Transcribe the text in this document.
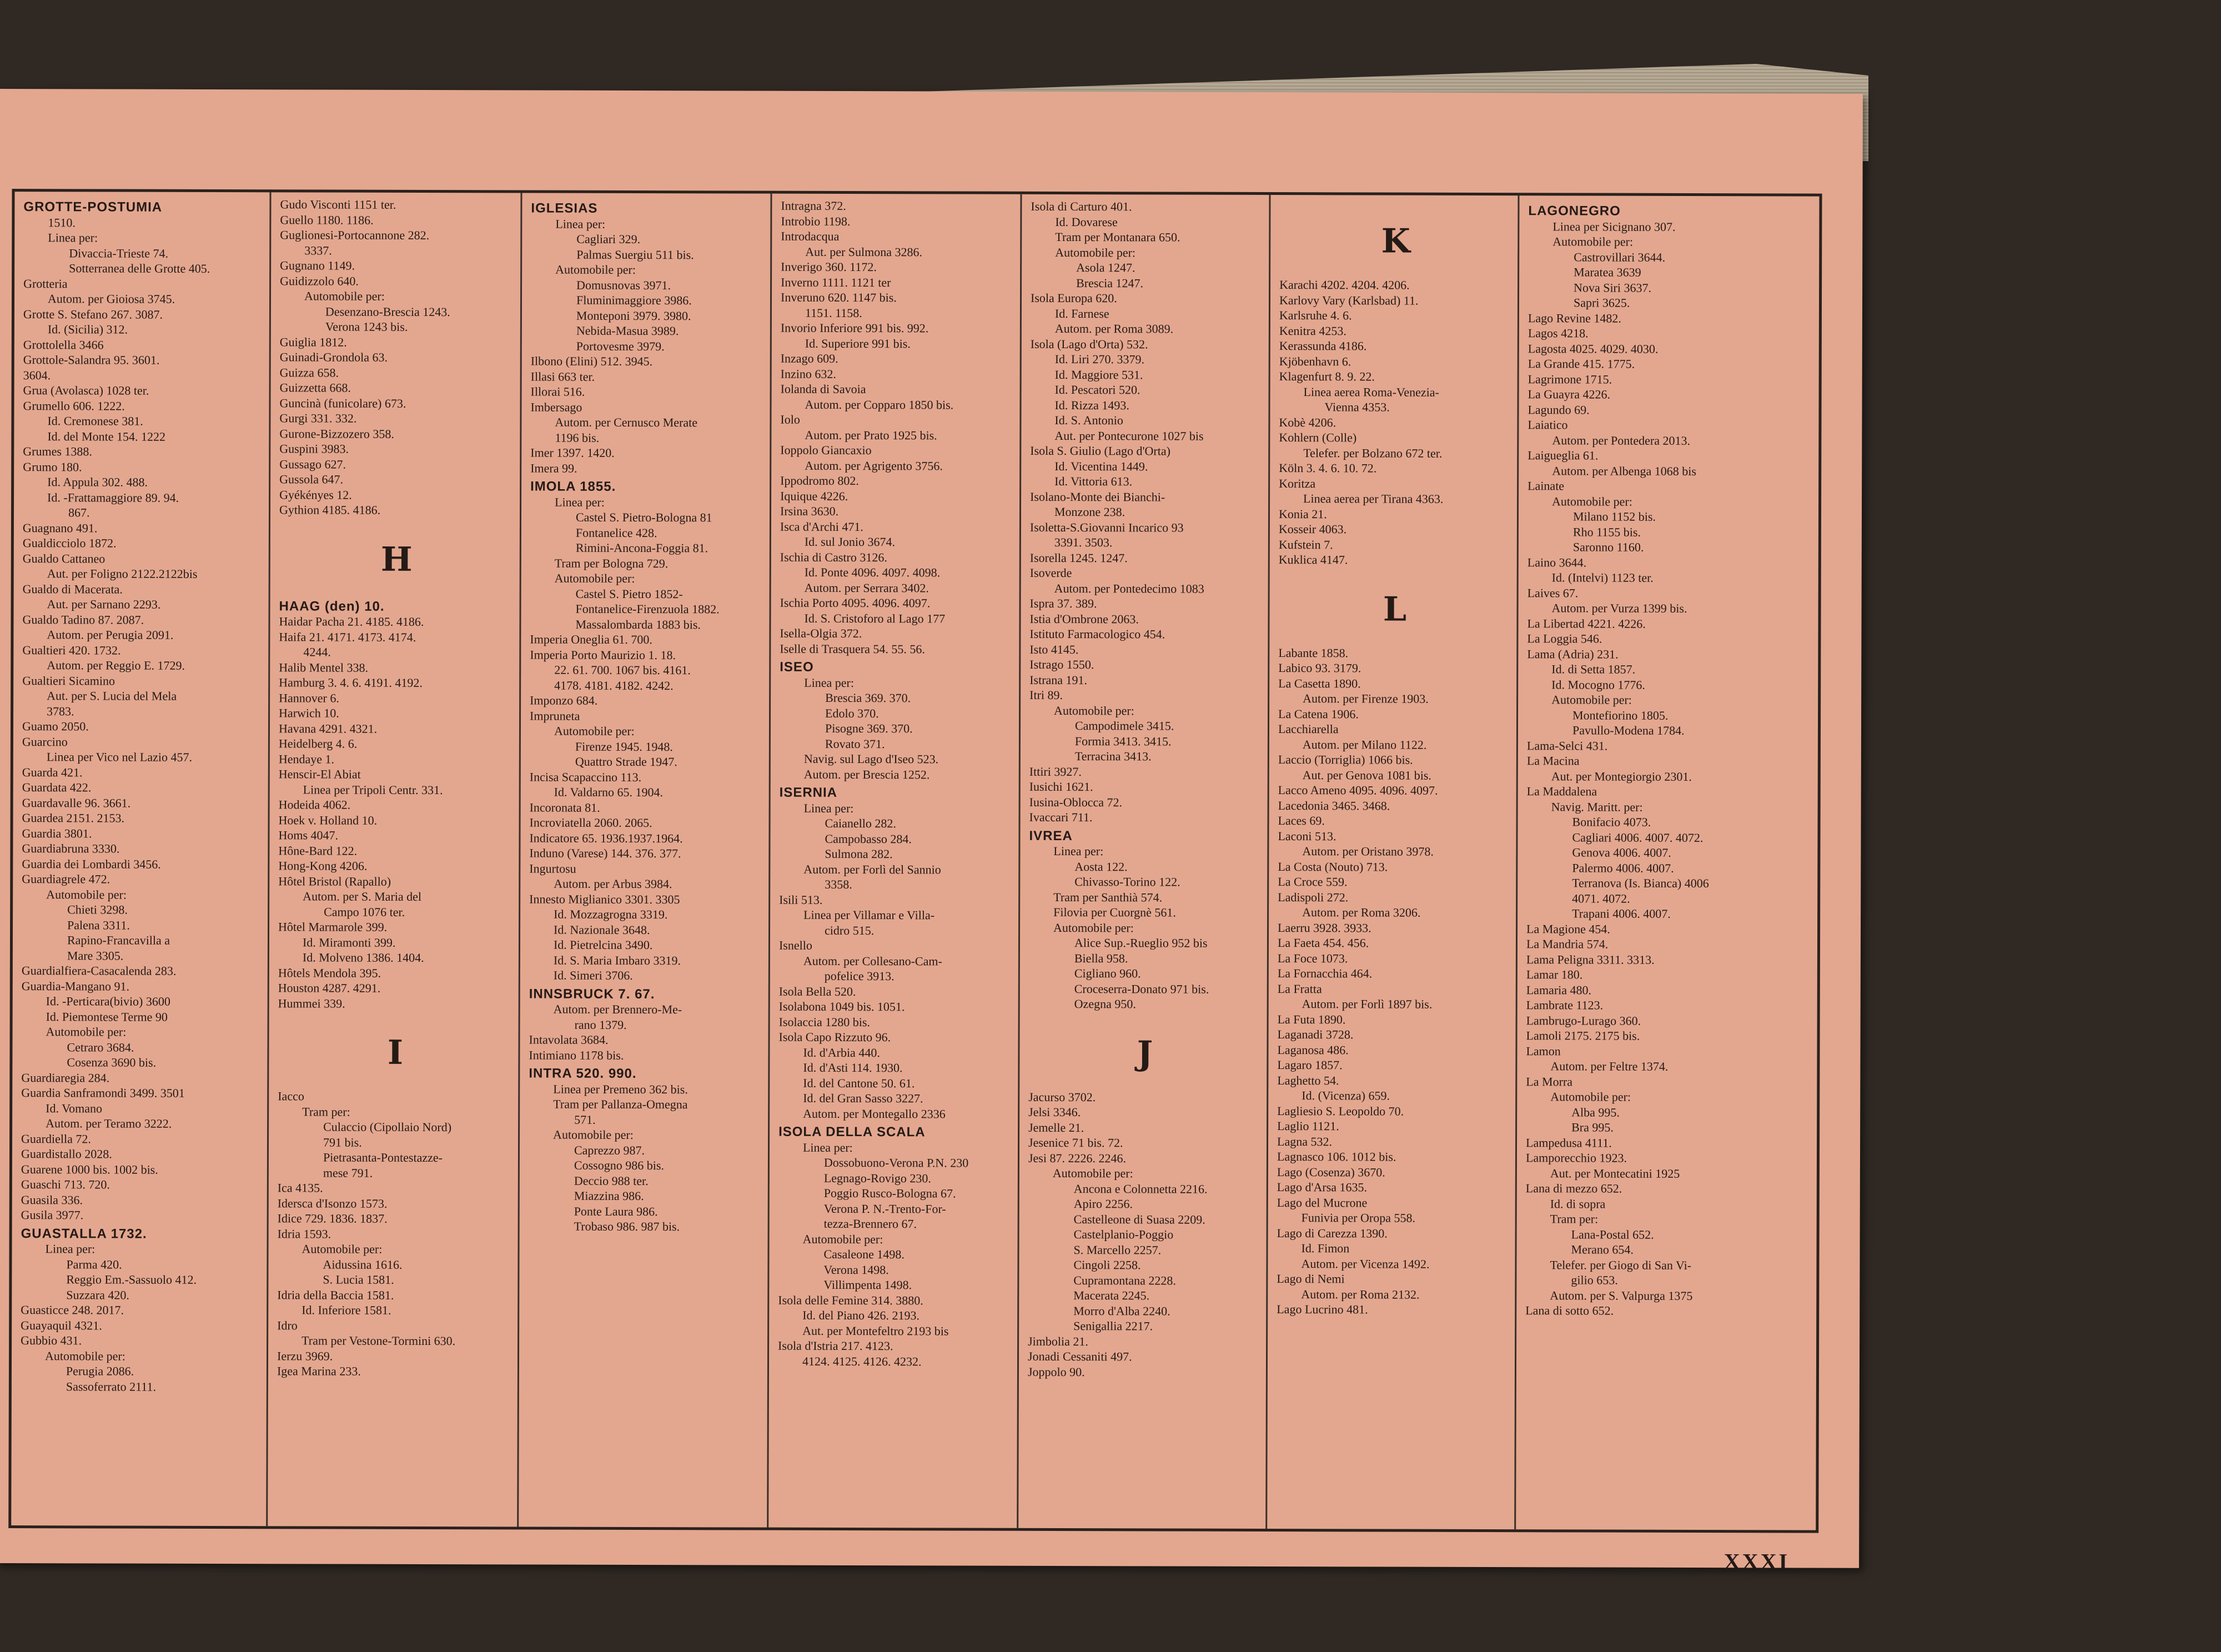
GROTTE-POSTUMIA
1510.
Linea per:
Divaccia-Trieste 74.
Sotterranea delle Grotte 405.
Grotteria
Autom. per Gioiosa 3745.
Grotte S. Stefano 267. 3087.
Id. (Sicilia) 312.
Grottolella 3466
Grottole-Salandra 95. 3601.
3604.
Grua (Avolasca) 1028 ter.
Grumello 606. 1222.
Id. Cremonese 381.
Id. del Monte 154. 1222
Grumes 1388.
Grumo 180.
Id. Appula 302. 488.
Id. -Frattamaggiore 89. 94.
867.
Guagnano 491.
Gualdicciolo 1872.
Gualdo Cattaneo
Aut. per Foligno 2122.2122bis
Gualdo di Macerata.
Aut. per Sarnano 2293.
Gualdo Tadino 87. 2087.
Autom. per Perugia 2091.
Gualtieri 420. 1732.
Autom. per Reggio E. 1729.
Gualtieri Sicamino
Aut. per S. Lucia del Mela
3783.
Guamo 2050.
Guarcino
Linea per Vico nel Lazio 457.
Guarda 421.
Guardata 422.
Guardavalle 96. 3661.
Guardea 2151. 2153.
Guardia 3801.
Guardiabruna 3330.
Guardia dei Lombardi 3456.
Guardiagrele 472.
Automobile per:
Chieti 3298.
Palena 3311.
Rapino-Francavilla a
Mare 3305.
Guardialfiera-Casacalenda 283.
Guardia-Mangano 91.
Id. -Perticara(bivio) 3600
Id. Piemontese Terme 90
Automobile per:
Cetraro 3684.
Cosenza 3690 bis.
Guardiaregia 284.
Guardia Sanframondi 3499. 3501
Id. Vomano
Autom. per Teramo 3222.
Guardiella 72.
Guardistallo 2028.
Guarene 1000 bis. 1002 bis.
Guaschi 713. 720.
Guasila 336.
Gusila 3977.
GUASTALLA 1732.
Linea per:
Parma 420.
Reggio Em.-Sassuolo 412.
Suzzara 420.
Guasticce 248. 2017.
Guayaquil 4321.
Gubbio 431.
Automobile per:
Perugia 2086.
Sassoferrato 2111.
Gudo Visconti 1151 ter.
Guello 1180. 1186.
Guglionesi-Portocannone 282.
3337.
Gugnano 1149.
Guidizzolo 640.
Automobile per:
Desenzano-Brescia 1243.
Verona 1243 bis.
Guiglia 1812.
Guinadi-Grondola 63.
Guizza 658.
Guizzetta 668.
Guncinà (funicolare) 673.
Gurgi 331. 332.
Gurone-Bizzozero 358.
Guspini 3983.
Gussago 627.
Gussola 647.
Gyékényes 12.
Gythion 4185. 4186.
H
HAAG (den) 10.
Haidar Pacha 21. 4185. 4186.
Haifa 21. 4171. 4173. 4174.
4244.
Halib Mentel 338.
Hamburg 3. 4. 6. 4191. 4192.
Hannover 6.
Harwich 10.
Havana 4291. 4321.
Heidelberg 4. 6.
Hendaye 1.
Henscir-El Abiat
Linea per Tripoli Centr. 331.
Hodeida 4062.
Hoek v. Holland 10.
Homs 4047.
Hône-Bard 122.
Hong-Kong 4206.
Hôtel Bristol (Rapallo)
Autom. per S. Maria del
Campo 1076 ter.
Hôtel Marmarole 399.
Id. Miramonti 399.
Id. Molveno 1386. 1404.
Hôtels Mendola 395.
Houston 4287. 4291.
Hummei 339.
I
Iacco
Tram per:
Culaccio (Cipollaio Nord)
791 bis.
Pietrasanta-Pontestazze-
mese 791.
Ica 4135.
Idersca d'Isonzo 1573.
Idice 729. 1836. 1837.
Idria 1593.
Automobile per:
Aidussina 1616.
S. Lucia 1581.
Idria della Baccia 1581.
Id. Inferiore 1581.
Idro
Tram per Vestone-Tormini 630.
Ierzu 3969.
Igea Marina 233.
IGLESIAS
Linea per:
Cagliari 329.
Palmas Suergiu 511 bis.
Automobile per:
Domusnovas 3971.
Fluminimaggiore 3986.
Monteponi 3979. 3980.
Nebida-Masua 3989.
Portovesme 3979.
Ilbono (Elini) 512. 3945.
Illasi 663 ter.
Illorai 516.
Imbersago
Autom. per Cernusco Merate
1196 bis.
Imer 1397. 1420.
Imera 99.
IMOLA 1855.
Linea per:
Castel S. Pietro-Bologna 81
Fontanelice 428.
Rimini-Ancona-Foggia 81.
Tram per Bologna 729.
Automobile per:
Castel S. Pietro 1852-
Fontanelice-Firenzuola 1882.
Massalombarda 1883 bis.
Imperia Oneglia 61. 700.
Imperia Porto Maurizio 1. 18.
22. 61. 700. 1067 bis. 4161.
4178. 4181. 4182. 4242.
Imponzo 684.
Impruneta
Automobile per:
Firenze 1945. 1948.
Quattro Strade 1947.
Incisa Scapaccino 113.
Id. Valdarno 65. 1904.
Incoronata 81.
Incroviatella 2060. 2065.
Indicatore 65. 1936.1937.1964.
Induno (Varese) 144. 376. 377.
Ingurtosu
Autom. per Arbus 3984.
Innesto Miglianico 3301. 3305
Id. Mozzagrogna 3319.
Id. Nazionale 3648.
Id. Pietrelcina 3490.
Id. S. Maria Imbaro 3319.
Id. Simeri 3706.
INNSBRUCK 7. 67.
Autom. per Brennero-Me-
rano 1379.
Intavolata 3684.
Intimiano 1178 bis.
INTRA 520. 990.
Linea per Premeno 362 bis.
Tram per Pallanza-Omegna
571.
Automobile per:
Caprezzo 987.
Cossogno 986 bis.
Deccio 988 ter.
Miazzina 986.
Ponte Laura 986.
Trobaso 986. 987 bis.
Intragna 372.
Introbio 1198.
Introdacqua
Aut. per Sulmona 3286.
Inverigo 360. 1172.
Inverno 1111. 1121 ter
Inveruno 620. 1147 bis.
1151. 1158.
Invorio Inferiore 991 bis. 992.
Id. Superiore 991 bis.
Inzago 609.
Inzino 632.
Iolanda di Savoia
Autom. per Copparo 1850 bis.
Iolo
Autom. per Prato 1925 bis.
Ioppolo Giancaxio
Autom. per Agrigento 3756.
Ippodromo 802.
Iquique 4226.
Irsina 3630.
Isca d'Archi 471.
Id. sul Jonio 3674.
Ischia di Castro 3126.
Id. Ponte 4096. 4097. 4098.
Autom. per Serrara 3402.
Ischia Porto 4095. 4096. 4097.
Id. S. Cristoforo al Lago 177
Isella-Olgia 372.
Iselle di Trasquera 54. 55. 56.
ISEO
Linea per:
Brescia 369. 370.
Edolo 370.
Pisogne 369. 370.
Rovato 371.
Navig. sul Lago d'Iseo 523.
Autom. per Brescia 1252.
ISERNIA
Linea per:
Caianello 282.
Campobasso 284.
Sulmona 282.
Autom. per Forlì del Sannio
3358.
Isili 513.
Linea per Villamar e Villa-
cidro 515.
Isnello
Autom. per Collesano-Cam-
pofelice 3913.
Isola Bella 520.
Isolabona 1049 bis. 1051.
Isolaccia 1280 bis.
Isola Capo Rizzuto 96.
Id. d'Arbia 440.
Id. d'Asti 114. 1930.
Id. del Cantone 50. 61.
Id. del Gran Sasso 3227.
Autom. per Montegallo 2336
ISOLA DELLA SCALA
Linea per:
Dossobuono-Verona P.N. 230
Legnago-Rovigo 230.
Poggio Rusco-Bologna 67.
Verona P. N.-Trento-For-
tezza-Brennero 67.
Automobile per:
Casaleone 1498.
Verona 1498.
Villimpenta 1498.
Isola delle Femine 314. 3880.
Id. del Piano 426. 2193.
Aut. per Montefeltro 2193 bis
Isola d'Istria 217. 4123.
4124. 4125. 4126. 4232.
Isola di Carturo 401.
Id. Dovarese
Tram per Montanara 650.
Automobile per:
Asola 1247.
Brescia 1247.
Isola Europa 620.
Id. Farnese
Autom. per Roma 3089.
Isola (Lago d'Orta) 532.
Id. Liri 270. 3379.
Id. Maggiore 531.
Id. Pescatori 520.
Id. Rizza 1493.
Id. S. Antonio
Aut. per Pontecurone 1027 bis
Isola S. Giulio (Lago d'Orta)
Id. Vicentina 1449.
Id. Vittoria 613.
Isolano-Monte dei Bianchi-
Monzone 238.
Isoletta-S.Giovanni Incarico 93
3391. 3503.
Isorella 1245. 1247.
Isoverde
Autom. per Pontedecimo 1083
Ispra 37. 389.
Istia d'Ombrone 2063.
Istituto Farmacologico 454.
Isto 4145.
Istrago 1550.
Istrana 191.
Itri 89.
Automobile per:
Campodimele 3415.
Formia 3413. 3415.
Terracina 3413.
Ittiri 3927.
Iusichi 1621.
Iusina-Oblocca 72.
Ivaccari 711.
IVREA
Linea per:
Aosta 122.
Chivasso-Torino 122.
Tram per Santhià 574.
Filovia per Cuorgnè 561.
Automobile per:
Alice Sup.-Rueglio 952 bis
Biella 958.
Cigliano 960.
Croceserra-Donato 971 bis.
Ozegna 950.
J
Jacurso 3702.
Jelsi 3346.
Jemelle 21.
Jesenice 71 bis. 72.
Jesi 87. 2226. 2246.
Automobile per:
Ancona e Colonnetta 2216.
Apiro 2256.
Castelleone di Suasa 2209.
Castelplanio-Poggio
S. Marcello 2257.
Cingoli 2258.
Cupramontana 2228.
Macerata 2245.
Morro d'Alba 2240.
Senigallia 2217.
Jimbolia 21.
Jonadi Cessaniti 497.
Joppolo 90.
K
Karachi 4202. 4204. 4206.
Karlovy Vary (Karlsbad) 11.
Karlsruhe 4. 6.
Kenitra 4253.
Kerassunda 4186.
Kjöbenhavn 6.
Klagenfurt 8. 9. 22.
Linea aerea Roma-Venezia-
Vienna 4353.
Kobè 4206.
Kohlern (Colle)
Telefer. per Bolzano 672 ter.
Köln 3. 4. 6. 10. 72.
Koritza
Linea aerea per Tirana 4363.
Konia 21.
Kosseir 4063.
Kufstein 7.
Kuklica 4147.
L
Labante 1858.
Labico 93. 3179.
La Casetta 1890.
Autom. per Firenze 1903.
La Catena 1906.
Lacchiarella
Autom. per Milano 1122.
Laccio (Torriglia) 1066 bis.
Aut. per Genova 1081 bis.
Lacco Ameno 4095. 4096. 4097.
Lacedonia 3465. 3468.
Laces 69.
Laconi 513.
Autom. per Oristano 3978.
La Costa (Nouto) 713.
La Croce 559.
Ladispoli 272.
Autom. per Roma 3206.
Laerru 3928. 3933.
La Faeta 454. 456.
La Foce 1073.
La Fornacchia 464.
La Fratta
Autom. per Forlì 1897 bis.
La Futa 1890.
Laganadi 3728.
Laganosa 486.
Lagaro 1857.
Laghetto 54.
Id. (Vicenza) 659.
Lagliesio S. Leopoldo 70.
Laglio 1121.
Lagna 532.
Lagnasco 106. 1012 bis.
Lago (Cosenza) 3670.
Lago d'Arsa 1635.
Lago del Mucrone
Funivia per Oropa 558.
Lago di Carezza 1390.
Id. Fimon
Autom. per Vicenza 1492.
Lago di Nemi
Autom. per Roma 2132.
Lago Lucrino 481.
LAGONEGRO
Linea per Sicignano 307.
Automobile per:
Castrovillari 3644.
Maratea 3639
Nova Siri 3637.
Sapri 3625.
Lago Revine 1482.
Lagos 4218.
Lagosta 4025. 4029. 4030.
La Grande 415. 1775.
Lagrimone 1715.
La Guayra 4226.
Lagundo 69.
Laiatico
Autom. per Pontedera 2013.
Laigueglia 61.
Autom. per Albenga 1068 bis
Lainate
Automobile per:
Milano 1152 bis.
Rho 1155 bis.
Saronno 1160.
Laino 3644.
Id. (Intelvi) 1123 ter.
Laives 67.
Autom. per Vurza 1399 bis.
La Libertad 4221. 4226.
La Loggia 546.
Lama (Adria) 231.
Id. di Setta 1857.
Id. Mocogno 1776.
Automobile per:
Montefiorino 1805.
Pavullo-Modena 1784.
Lama-Selci 431.
La Macina
Aut. per Montegiorgio 2301.
La Maddalena
Navig. Maritt. per:
Bonifacio 4073.
Cagliari 4006. 4007. 4072.
Genova 4006. 4007.
Palermo 4006. 4007.
Terranova (Is. Bianca) 4006
4071. 4072.
Trapani 4006. 4007.
La Magione 454.
La Mandria 574.
Lama Peligna 3311. 3313.
Lamar 180.
Lamaria 480.
Lambrate 1123.
Lambrugo-Lurago 360.
Lamoli 2175. 2175 bis.
Lamon
Autom. per Feltre 1374.
La Morra
Automobile per:
Alba 995.
Bra 995.
Lampedusa 4111.
Lamporecchio 1923.
Aut. per Montecatini 1925
Lana di mezzo 652.
Id. di sopra
Tram per:
Lana-Postal 652.
Merano 654.
Telefer. per Giogo di San Vi-
gilio 653.
Autom. per S. Valpurga 1375
Lana di sotto 652.
XXXI
